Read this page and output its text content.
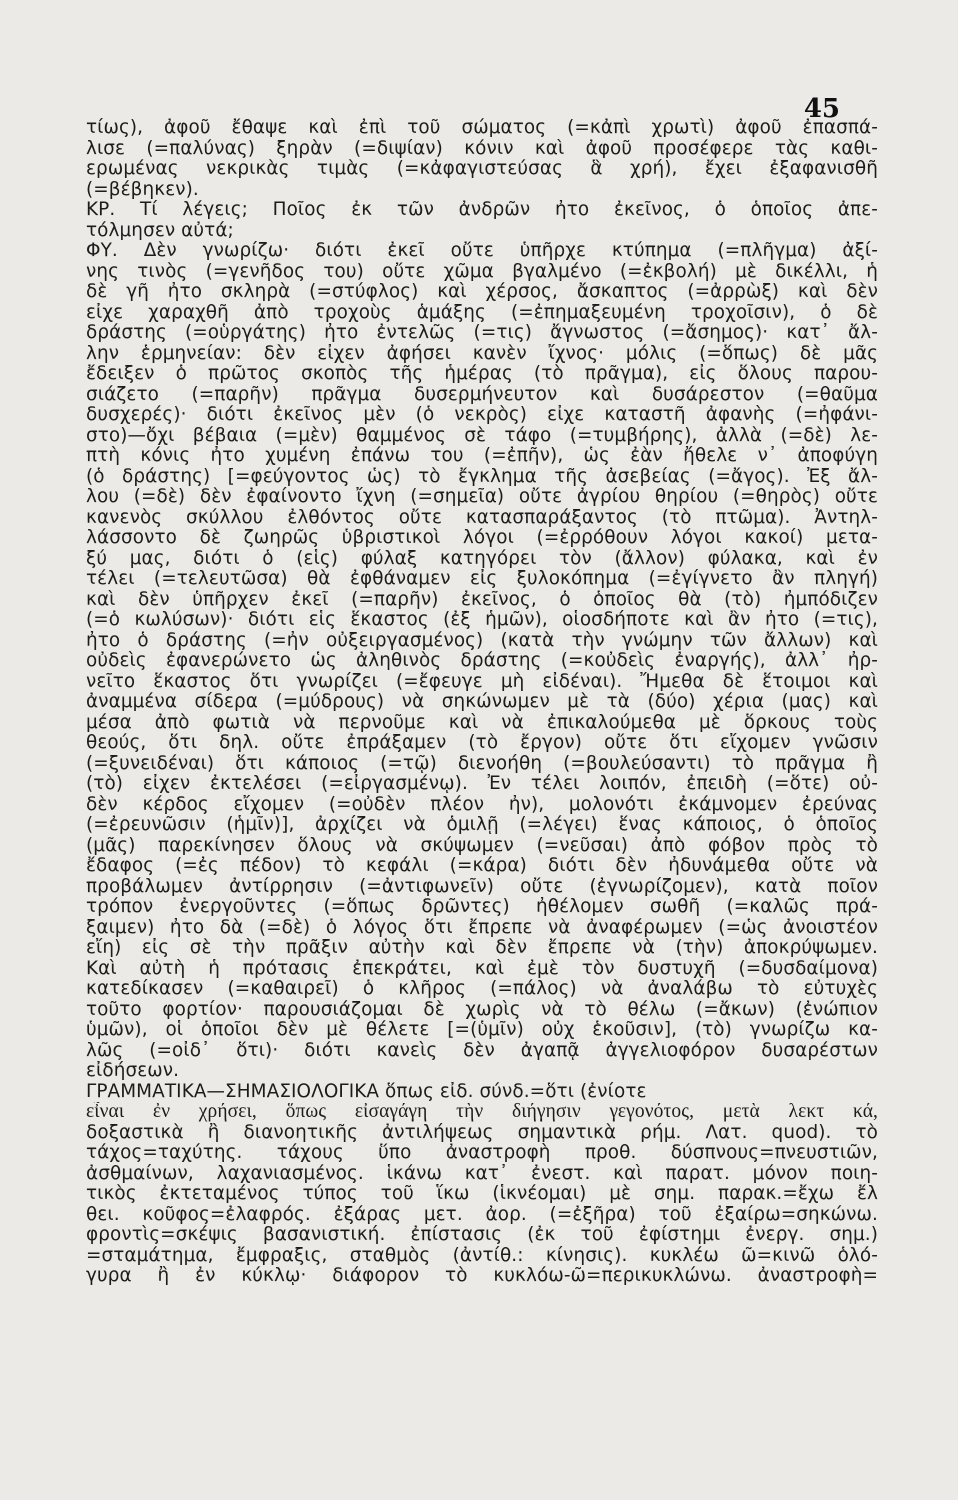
45
τίως), ἀφοῦ ἔθαψε καὶ ἐπὶ τοῦ σώματος (=κἀπὶ χρωτὶ) ἀφοῦ ἐπασπά-
λισε (=παλύνας) ξηρὰν (=διψίαν) κόνιν καὶ ἀφοῦ προσέφερε τὰς καθι-
ερωμένας νεκρικὰς τιμὰς (=κἀφαγιστεύσας ἃ χρή), ἔχει ἐξαφανισθῆ
(=βέβηκεν).
ΚΡ. Τί λέγεις; Ποῖος ἐκ τῶν ἀνδρῶν ἦτο ἐκεῖνος, ὁ ὁποῖος ἀπε-
τόλμησεν αὐτά;
ΦΥ. Δὲν γνωρίζω· διότι ἐκεῖ οὔτε ὑπῆρχε κτύπημα (=πλῆγμα) ἀξί-
νης τινὸς (=γενῆδος του) οὔτε χῶμα βγαλμένο (=ἐκβολή) μὲ δικέλλι, ἡ
δὲ γῆ ἦτο σκληρὰ (=στύφλος) καὶ χέρσος, ἄσκαπτος (=ἀρρὼξ) καὶ δὲν
εἶχε χαραχθῆ ἀπὸ τροχοὺς ἁμάξης (=ἐπημαξευμένη τροχοῖσιν), ὁ δὲ
δράστης (=οὑργάτης) ἦτο ἐντελῶς (=τις) ἄγνωστος (=ἄσημος)· κατ᾽ ἄλ-
λην ἑρμηνείαν: δὲν εἶχεν ἀφήσει κανὲν ἴχνος· μόλις (=ὅπως) δὲ μᾶς
ἔδειξεν ὁ πρῶτος σκοπὸς τῆς ἡμέρας (τὸ πρᾶγμα), εἰς ὅλους παρου-
σιάζετο (=παρῆν) πρᾶγμα δυσερμήνευτον καὶ δυσάρεστον (=θαῦμα
δυσχερές)· διότι ἐκεῖνος μὲν (ὁ νεκρὸς) εἶχε καταστῆ ἀφανὴς (=ἠφάνι-
στο)—ὄχι βέβαια (=μὲν) θαμμένος σὲ τάφο (=τυμβήρης), ἀλλὰ (=δὲ) λε-
πτὴ κόνις ἦτο χυμένη ἐπάνω του (=ἐπῆν), ὡς ἐὰν ἤθελε ν᾽ ἀποφύγη
(ὁ δράστης) [=φεύγοντος ὡς) τὸ ἔγκλημα τῆς ἀσεβείας (=ἄγος). Ἐξ ἄλ-
λου (=δὲ) δὲν ἐφαίνοντο ἴχνη (=σημεῖα) οὔτε ἀγρίου θηρίου (=θηρὸς) οὔτε
κανενὸς σκύλλου ἐλθόντος οὔτε κατασπαράξαντος (τὸ πτῶμα). Ἀντηλ-
λάσσοντο δὲ ζωηρῶς ὑβριστικοὶ λόγοι (=ἐρρόθουν λόγοι κακοί) μετα-
ξύ μας, διότι ὁ (εἷς) φύλαξ κατηγόρει τὸν (ἄλλον) φύλακα, καὶ ἐν
τέλει (=τελευτῶσα) θὰ ἐφθάναμεν εἰς ξυλοκόπημα (=ἐγίγνετο ἂν πληγή)
καὶ δὲν ὑπῆρχεν ἐκεῖ (=παρῆν) ἐκεῖνος, ὁ ὁποῖος θὰ (τὸ) ἠμπόδιζεν
(=ὁ κωλύσων)· διότι εἷς ἕκαστος (ἐξ ἡμῶν), οἱοσδήποτε καὶ ἂν ἦτο (=τις),
ἦτο ὁ δράστης (=ἦν οὐξειργασμένος) (κατὰ τὴν γνώμην τῶν ἄλλων) καὶ
οὐδεὶς ἐφανερώνετο ὡς ἀληθινὸς δράστης (=κοὐδεὶς ἐναργής), ἀλλ᾽ ἠρ-
νεῖτο ἕκαστος ὅτι γνωρίζει (=ἔφευγε μὴ εἰδέναι). Ἤμεθα δὲ ἕτοιμοι καὶ
ἀναμμένα σίδερα (=μύδρους) νὰ σηκώνωμεν μὲ τὰ (δύο) χέρια (μας) καὶ
μέσα ἀπὸ φωτιὰ νὰ περνοῦμε καὶ νὰ ἐπικαλούμεθα μὲ ὅρκους τοὺς
θεούς, ὅτι δηλ. οὔτε ἐπράξαμεν (τὸ ἔργον) οὔτε ὅτι εἴχομεν γνῶσιν
(=ξυνειδέναι) ὅτι κάποιος (=τῷ) διενοήθη (=βουλεύσαντι) τὸ πρᾶγμα ἢ
(τὸ) εἶχεν ἐκτελέσει (=εἰργασμένῳ). Ἐν τέλει λοιπόν, ἐπειδὴ (=ὅτε) οὐ-
δὲν κέρδος εἴχομεν (=οὐδὲν πλέον ἦν), μολονότι ἐκάμνομεν ἐρεύνας
(=ἐρευνῶσιν (ἡμῖν)], ἀρχίζει νὰ ὁμιλῇ (=λέγει) ἕνας κάποιος, ὁ ὁποῖος
(μᾶς) παρεκίνησεν ὅλους νὰ σκύψωμεν (=νεῦσαι) ἀπὸ φόβον πρὸς τὸ
ἔδαφος (=ἐς πέδον) τὸ κεφάλι (=κάρα) διότι δὲν ἠδυνάμεθα οὔτε νὰ
προβάλωμεν ἀντίρρησιν (=ἀντιφωνεῖν) οὔτε (ἐγνωρίζομεν), κατὰ ποῖον
τρόπον ἐνεργοῦντες (=ὅπως δρῶντες) ἠθέλομεν σωθῆ (=καλῶς πρά-
ξαιμεν) ἦτο δὰ (=δὲ) ὁ λόγος ὅτι ἔπρεπε νὰ ἀναφέρωμεν (=ὡς ἀνοιστέον
εἴη) εἰς σὲ τὴν πρᾶξιν αὐτὴν καὶ δὲν ἔπρεπε νὰ (τὴν) ἀποκρύψωμεν.
Καὶ αὐτὴ ἡ πρότασις ἐπεκράτει, καὶ ἐμὲ τὸν δυστυχῆ (=δυσδαίμονα)
κατεδίκασεν (=καθαιρεῖ) ὁ κλῆρος (=πάλος) νὰ ἀναλάβω τὸ εὐτυχὲς
τοῦτο φορτίον· παρουσιάζομαι δὲ χωρὶς νὰ τὸ θέλω (=ἄκων) (ἐνώπιον
ὑμῶν), οἱ ὁποῖοι δὲν μὲ θέλετε [=(ὑμῖν) οὐχ ἑκοῦσιν], (τὸ) γνωρίζω κα-
λῶς (=οἶδ᾽ ὅτι)· διότι κανεὶς δὲν ἀγαπᾷ ἀγγελιοφόρον δυσαρέστων
εἰδήσεων.
ΓΡΑΜΜΑΤΙΚΑ—ΣΗΜΑΣΙΟΛΟΓΙΚΑ ὅπως εἰδ. σύνδ.=ὅτι (ἐνίοτε
εἶναι ἐν χρήσει, ὅπως εἰσαγάγη τὴν διήγησιν γεγονότος, μετὰ λεκτ κά,
δοξαστικὰ ἢ διανοητικῆς ἀντιλήψεως σημαντικὰ ρήμ. Λατ. quod). τὸ
τάχος=ταχύτης. τάχους ὕπο ἀναστροφὴ προθ. δύσπνους=πνευστιῶν,
ἀσθμαίνων, λαχανιασμένος. ἱκάνω κατ᾽ ἐνεστ. καὶ παρατ. μόνον ποιη-
τικὸς ἐκτεταμένος τύπος τοῦ ἵκω (ἱκνέομαι) μὲ σημ. παρακ.=ἔχω ἔλ
θει. κοῦφος=ἐλαφρός. ἐξάρας μετ. ἀορ. (=ἐξῆρα) τοῦ ἐξαίρω=σηκώνω.
φροντὶς=σκέψις βασανιστική. ἐπίστασις (ἐκ τοῦ ἐφίστημι ἐνεργ. σημ.)
=σταμάτημα, ἔμφραξις, σταθμὸς (ἀντίθ.: κίνησις). κυκλέω ῶ=κινῶ ὁλό-
γυρα ἢ ἐν κύκλῳ· διάφορον τὸ κυκλόω-ῶ=περικυκλώνω. ἀναστροφὴ=
